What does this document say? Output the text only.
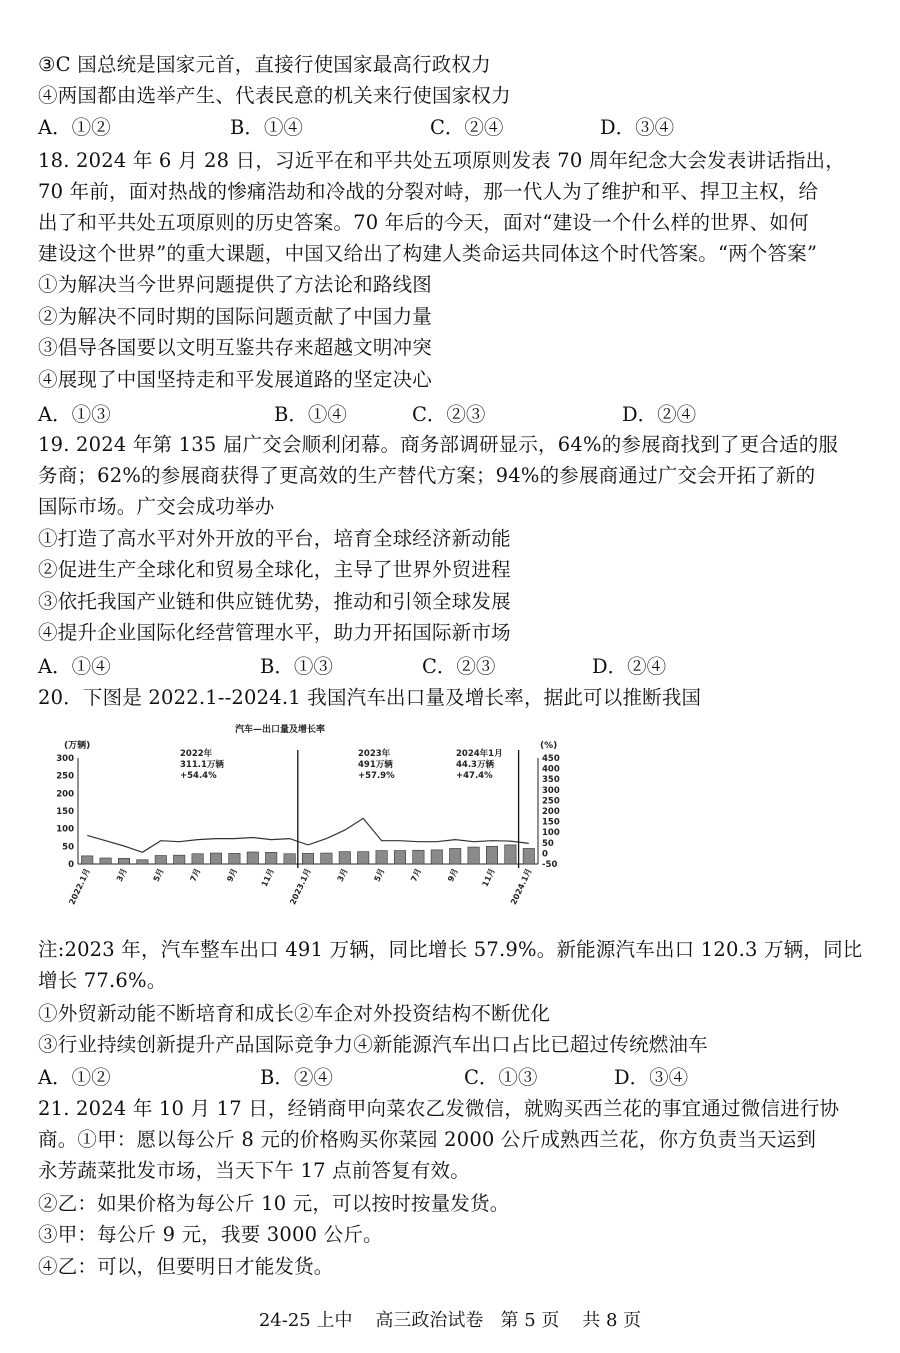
③C 国总统是国家元首，直接行使国家最高行政权力
④两国都由选举产生、代表民意的机关来行使国家权力
A．①②	B．①④	C．②④	D．③④
18. 2024 年 6 月 28 日，习近平在和平共处五项原则发表 70 周年纪念大会发表讲话指出，
70 年前，面对热战的惨痛浩劫和冷战的分裂对峙，那一代人为了维护和平、捍卫主权，给
出了和平共处五项原则的历史答案。70 年后的今天，面对“建设一个什么样的世界、如何
建设这个世界”的重大课题，中国又给出了构建人类命运共同体这个时代答案。“两个答案”
①为解决当今世界问题提供了方法论和路线图
②为解决不同时期的国际问题贡献了中国力量
③倡导各国要以文明互鉴共存来超越文明冲突
④展现了中国坚持走和平发展道路的坚定决心
A．①③	B．①④	C．②③	D．②④
19. 2024 年第 135 届广交会顺利闭幕。商务部调研显示，64%的参展商找到了更合适的服
务商；62%的参展商获得了更高效的生产替代方案；94%的参展商通过广交会开拓了新的
国际市场。广交会成功举办
①打造了高水平对外开放的平台，培育全球经济新动能
②促进生产全球化和贸易全球化，主导了世界外贸进程
③依托我国产业链和供应链优势，推动和引领全球发展
④提升企业国际化经营管理水平，助力开拓国际新市场
A．①④	B．①③	C．②③	D．②④
20．下图是 2022.1--2024.1 我国汽车出口量及增长率，据此可以推断我国
汽车—出口量及增长率
(万辆)	(%)
300
250
200
150
100
50
0
450
400
350
300
250
200
150
100
50
0
-50
2022年
311.1万辆
+54.4%
2023年
491万辆
+57.9%
2024年1月
44.3万辆
+47.4%
2022.1月	3月	5月	7月	9月	11月 2023.1月	3月	5月	7月	9月	11月 2024.1月
注:2023 年，汽车整车出口 491 万辆，同比增长 57.9%。新能源汽车出口 120.3 万辆，同比
增长 77.6%。
①外贸新动能不断培育和成长②车企对外投资结构不断优化
③行业持续创新提升产品国际竞争力④新能源汽车出口占比已超过传统燃油车
A．①②	B．②④	C．①③	D．③④
21. 2024 年 10 月 17 日，经销商甲向菜农乙发微信，就购买西兰花的事宜通过微信进行协
商。①甲：愿以每公斤 8 元的价格购买你菜园 2000 公斤成熟西兰花，你方负责当天运到
永芳蔬菜批发市场，当天下午 17 点前答复有效。
②乙：如果价格为每公斤 10 元，可以按时按量发货。
③甲：每公斤 9 元，我要 3000 公斤。
④乙：可以，但要明日才能发货。
24-25 上中    高三政治试卷   第 5 页    共 8 页
